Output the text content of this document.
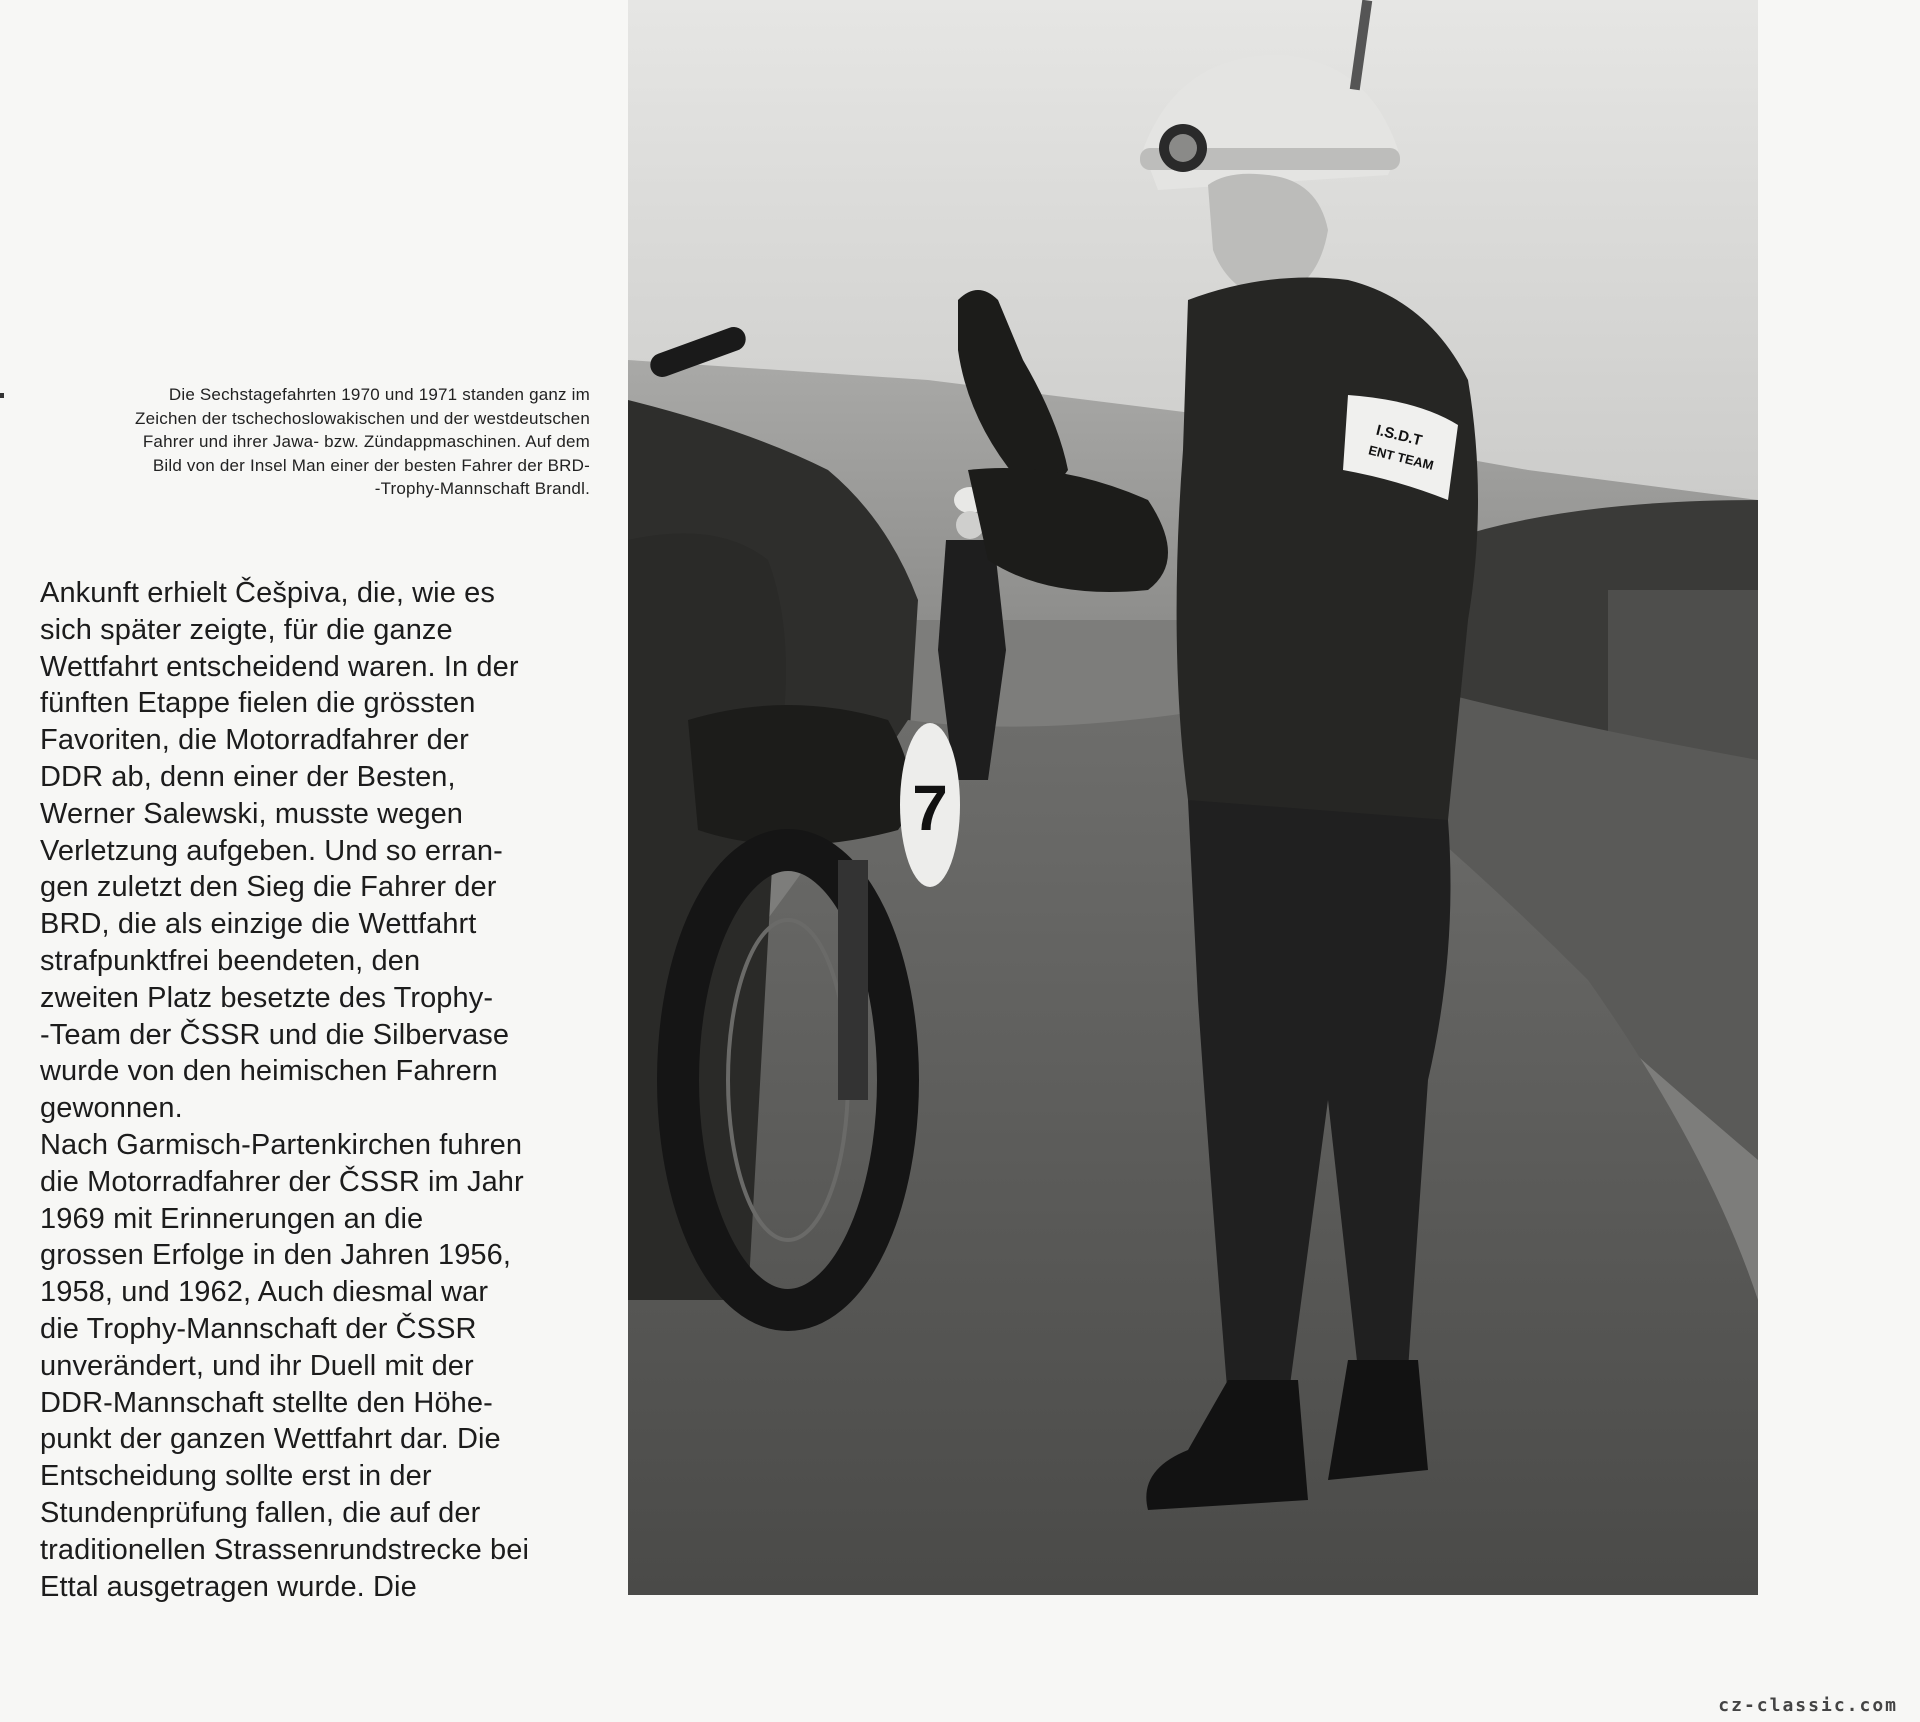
Die Sechstagefahrten 1970 und 1971 standen ganz im
Zeichen der tschechoslowakischen und der westdeutschen
Fahrer und ihrer Jawa- bzw. Zündappmaschinen. Auf dem
Bild von der Insel Man einer der besten Fahrer der BRD-
-Trophy-Mannschaft Brandl.
Ankunft erhielt Češpiva, die, wie es
sich später zeigte, für die ganze
Wettfahrt entscheidend waren. In der
fünften Etappe fielen die grössten
Favoriten, die Motorradfahrer der
DDR ab, denn einer der Besten,
Werner Salewski, musste wegen
Verletzung aufgeben. Und so erran-
gen zuletzt den Sieg die Fahrer der
BRD, die als einzige die Wettfahrt
strafpunktfrei beendeten, den
zweiten Platz besetzte des Trophy-
-Team der ČSSR und die Silbervase
wurde von den heimischen Fahrern
gewonnen.
Nach Garmisch-Partenkirchen fuhren
die Motorradfahrer der ČSSR im Jahr
1969 mit Erinnerungen an die
grossen Erfolge in den Jahren 1956,
1958, und 1962, Auch diesmal war
die Trophy-Mannschaft der ČSSR
unverändert, und ihr Duell mit der
DDR-Mannschaft stellte den Höhe-
punkt der ganzen Wettfahrt dar. Die
Entscheidung sollte erst in der
Stundenprüfung fallen, die auf der
traditionellen Strassenrundstrecke bei
Ettal ausgetragen wurde. Die
7
I.S.D.T
ENT TEAM
cz-classic.com
